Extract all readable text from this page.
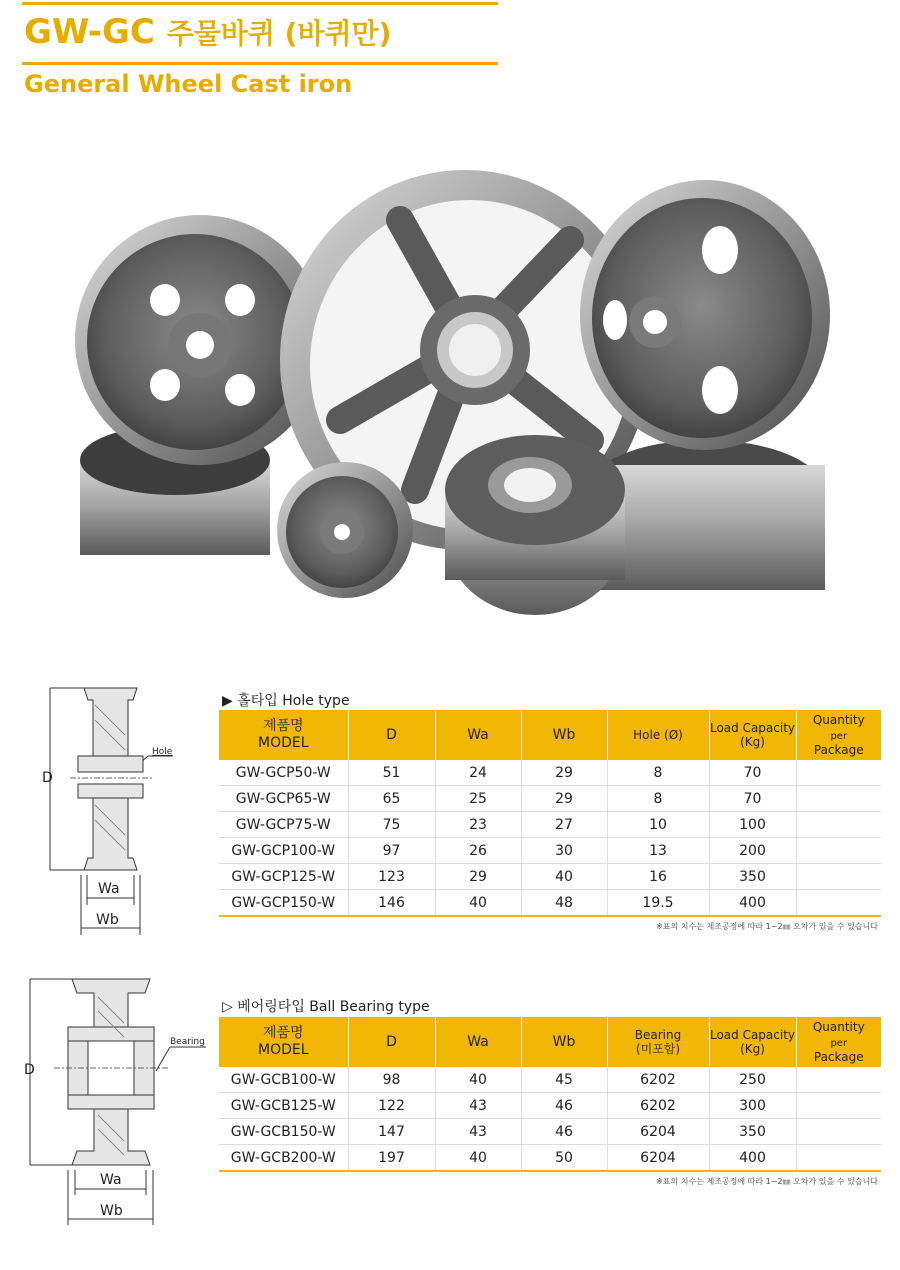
GW-GC 주물바퀴 (바퀴만)
General Wheel Cast iron
D
Hole
Wa
Wb
▶ 홀타입 Hole type
제품명
MODEL	D	Wa	Wb	Hole (Ø)	Load Capacity
(Kg)	Quantity
per
Package
GW-GCP50-W	51	24	29	8	70	
GW-GCP65-W	65	25	29	8	70	
GW-GCP75-W	75	23	27	10	100	
GW-GCP100-W	97	26	30	13	200	
GW-GCP125-W	123	29	40	16	350	
GW-GCP150-W	146	40	48	19.5	400	
※표의 치수는 제조공정에 따라 1~2㎜ 오차가 있을 수 있습니다
D
Bearing
Wa
Wb
▷ 베어링타입 Ball Bearing type
제품명
MODEL	D	Wa	Wb	Bearing
(미포함)	Load Capacity
(Kg)	Quantity
per
Package
GW-GCB100-W	98	40	45	6202	250	
GW-GCB125-W	122	43	46	6202	300	
GW-GCB150-W	147	43	46	6204	350	
GW-GCB200-W	197	40	50	6204	400	
※표의 치수는 제조공정에 따라 1~2㎜ 오차가 있을 수 있습니다
